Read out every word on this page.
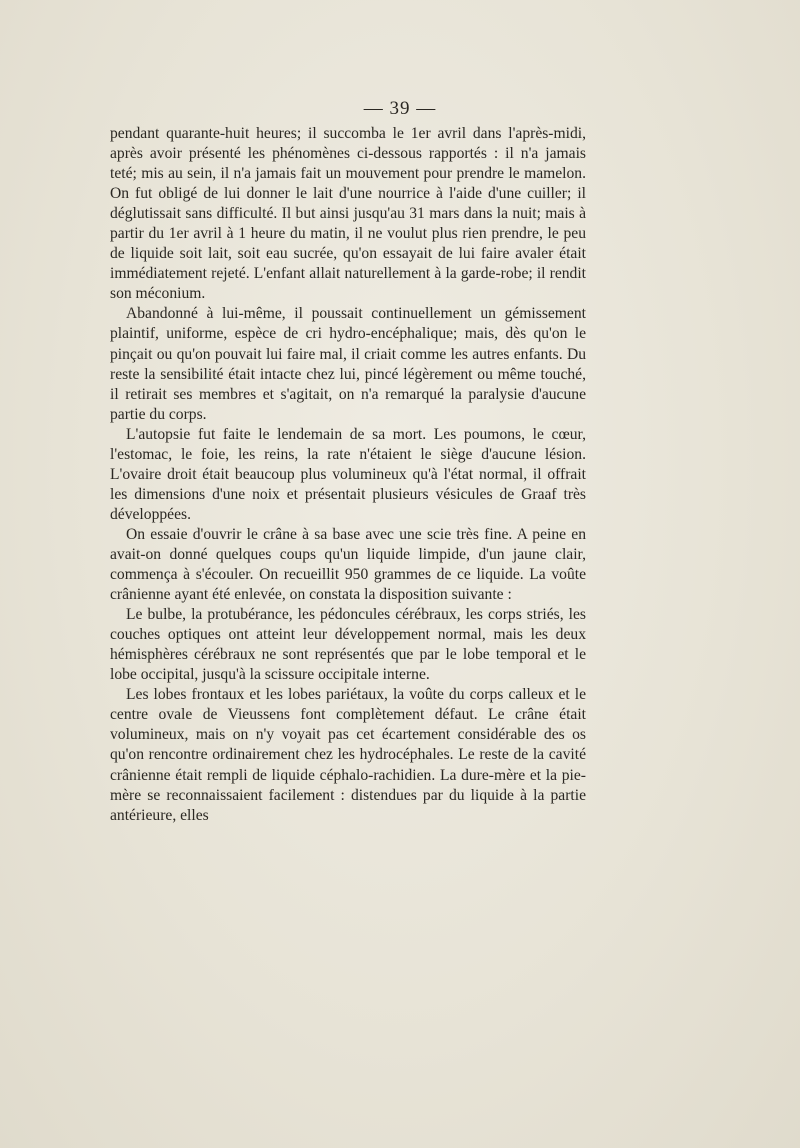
— 39 —

pendant quarante-huit heures; il succomba le 1er avril dans l'après-midi, après avoir présenté les phénomènes ci-dessous rapportés : il n'a jamais teté; mis au sein, il n'a jamais fait un mouvement pour prendre le mamelon. On fut obligé de lui donner le lait d'une nourrice à l'aide d'une cuiller; il déglutissait sans difficulté. Il but ainsi jusqu'au 31 mars dans la nuit; mais à partir du 1er avril à 1 heure du matin, il ne voulut plus rien prendre, le peu de liquide soit lait, soit eau sucrée, qu'on essayait de lui faire avaler était immédiatement rejeté. L'enfant allait naturellement à la garde-robe; il rendit son méconium.

Abandonné à lui-même, il poussait continuellement un gémissement plaintif, uniforme, espèce de cri hydro-encéphalique; mais, dès qu'on le pinçait ou qu'on pouvait lui faire mal, il criait comme les autres enfants. Du reste la sensibilité était intacte chez lui, pincé légèrement ou même touché, il retirait ses membres et s'agitait, on n'a remarqué la paralysie d'aucune partie du corps.

L'autopsie fut faite le lendemain de sa mort. Les poumons, le cœur, l'estomac, le foie, les reins, la rate n'étaient le siège d'aucune lésion. L'ovaire droit était beaucoup plus volumineux qu'à l'état normal, il offrait les dimensions d'une noix et présentait plusieurs vésicules de Graaf très développées.

On essaie d'ouvrir le crâne à sa base avec une scie très fine. A peine en avait-on donné quelques coups qu'un liquide limpide, d'un jaune clair, commença à s'écouler. On recueillit 950 grammes de ce liquide. La voûte crânienne ayant été enlevée, on constata la disposition suivante :

Le bulbe, la protubérance, les pédoncules cérébraux, les corps striés, les couches optiques ont atteint leur développement normal, mais les deux hémisphères cérébraux ne sont représentés que par le lobe temporal et le lobe occipital, jusqu'à la scissure occipitale interne.

Les lobes frontaux et les lobes pariétaux, la voûte du corps calleux et le centre ovale de Vieussens font complètement défaut. Le crâne était volumineux, mais on n'y voyait pas cet écartement considérable des os qu'on rencontre ordinairement chez les hydrocéphales. Le reste de la cavité crânienne était rempli de liquide céphalo-rachidien. La dure-mère et la pie-mère se reconnaissaient facilement : distendues par du liquide à la partie antérieure, elles
